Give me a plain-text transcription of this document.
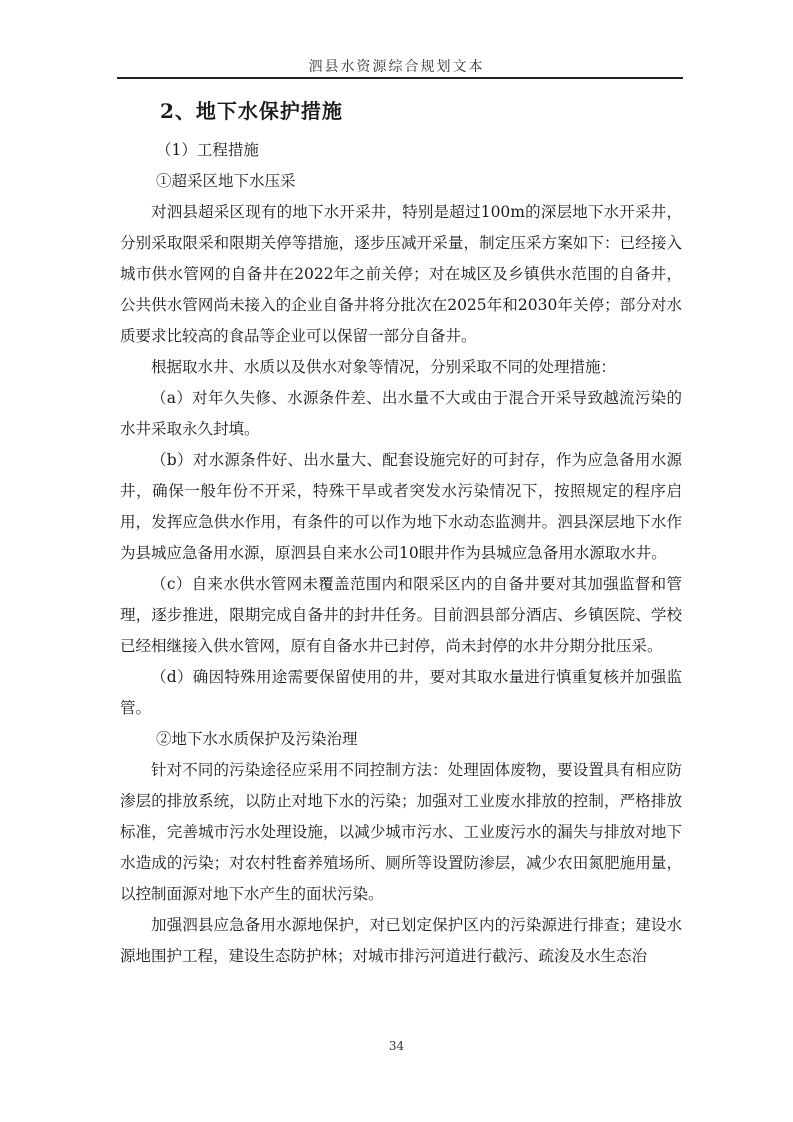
泗县水资源综合规划文本
2、地下水保护措施
（1）工程措施
①超采区地下水压采

对泗县超采区现有的地下水开采井，特别是超过100m的深层地下水开采井，分别采取限采和限期关停等措施，逐步压减开采量，制定压采方案如下：已经接入城市供水管网的自备井在2022年之前关停；对在城区及乡镇供水范围的自备井，公共供水管网尚未接入的企业自备井将分批次在2025年和2030年关停；部分对水质要求比较高的食品等企业可以保留一部分自备井。

根据取水井、水质以及供水对象等情况，分别采取不同的处理措施：

（a）对年久失修、水源条件差、出水量不大或由于混合开采导致越流污染的水井采取永久封填。

（b）对水源条件好、出水量大、配套设施完好的可封存，作为应急备用水源井，确保一般年份不开采，特殊干旱或者突发水污染情况下，按照规定的程序启用，发挥应急供水作用，有条件的可以作为地下水动态监测井。泗县深层地下水作为县城应急备用水源，原泗县自来水公司10眼井作为县城应急备用水源取水井。

（c）自来水供水管网未覆盖范围内和限采区内的自备井要对其加强监督和管理，逐步推进，限期完成自备井的封井任务。目前泗县部分酒店、乡镇医院、学校已经相继接入供水管网，原有自备水井已封停，尚未封停的水井分期分批压采。

（d）确因特殊用途需要保留使用的井，要对其取水量进行慎重复核并加强监管。

②地下水水质保护及污染治理

针对不同的污染途径应采用不同控制方法：处理固体废物，要设置具有相应防渗层的排放系统，以防止对地下水的污染；加强对工业废水排放的控制，严格排放标准，完善城市污水处理设施，以减少城市污水、工业废污水的漏失与排放对地下水造成的污染；对农村牲畜养殖场所、厕所等设置防渗层，减少农田氮肥施用量，以控制面源对地下水产生的面状污染。

加强泗县应急备用水源地保护，对已划定保护区内的污染源进行排查；建设水源地围护工程，建设生态防护林；对城市排污河道进行截污、疏浚及水生态治

34
